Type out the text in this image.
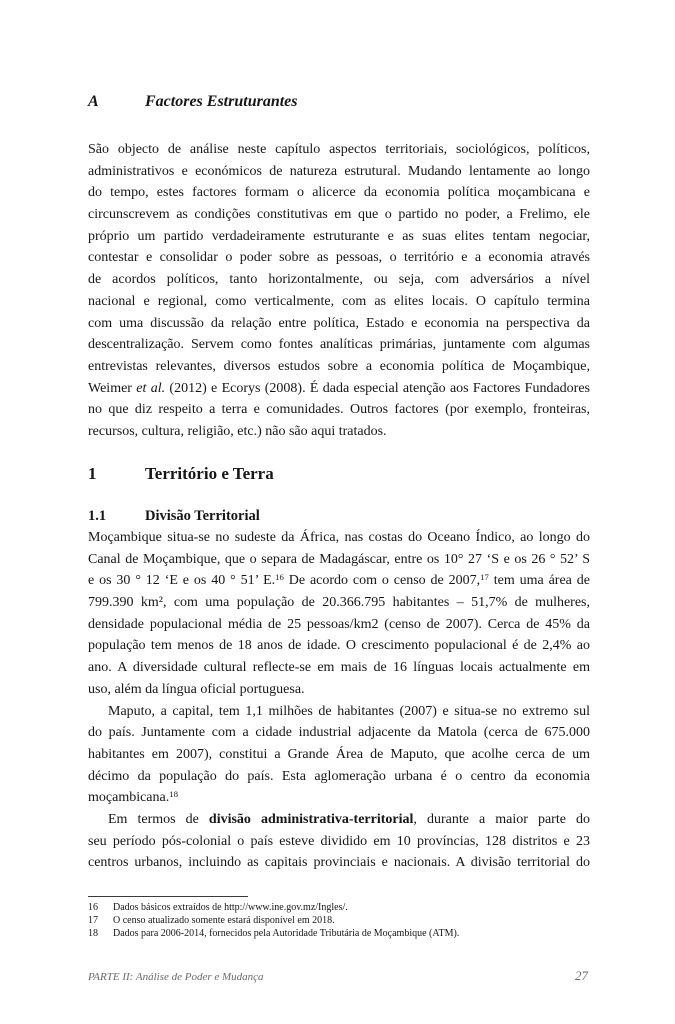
A	Factores Estruturantes
São objecto de análise neste capítulo aspectos territoriais, sociológicos, políticos,
administrativos e económicos de natureza estrutural. Mudando lentamente ao longo
do tempo, estes factores formam o alicerce da economia política moçambicana e
circunscrevem as condições constitutivas em que o partido no poder, a Frelimo, ele
próprio um partido verdadeiramente estruturante e as suas elites tentam negociar,
contestar e consolidar o poder sobre as pessoas, o território e a economia através
de acordos políticos, tanto horizontalmente, ou seja, com adversários a nível
nacional e regional, como verticalmente, com as elites locais. O capítulo termina
com uma discussão da relação entre política, Estado e economia na perspectiva da
descentralização. Servem como fontes analíticas primárias, juntamente com algumas
entrevistas relevantes, diversos estudos sobre a economia política de Moçambique,
Weimer et al. (2012) e Ecorys (2008). É dada especial atenção aos Factores Fundadores
no que diz respeito a terra e comunidades. Outros factores (por exemplo, fronteiras,
recursos, cultura, religião, etc.) não são aqui tratados.
1	Território e Terra
1.1	Divisão Territorial
Moçambique situa-se no sudeste da África, nas costas do Oceano Índico, ao longo do
Canal de Moçambique, que o separa de Madagáscar, entre os 10° 27 ‘S e os 26 ° 52’ S
e os 30 ° 12 ‘E e os 40 ° 51’ E.$^{16}$ De acordo com o censo de 2007,17 tem uma área de
799.390 km², com uma população de 20.366.795 habitantes – 51,7% de mulheres,
densidade populacional média de 25 pessoas/km2 (censo de 2007). Cerca de 45% da
população tem menos de 18 anos de idade. O crescimento populacional é de 2,4% ao
ano. A diversidade cultural reflecte-se em mais de 16 línguas locais actualmente em
uso, além da língua oficial portuguesa.
Maputo, a capital, tem 1,1 milhões de habitantes (2007) e situa-se no extremo sul
do país. Juntamente com a cidade industrial adjacente da Matola (cerca de 675.000
habitantes em 2007), constitui a Grande Área de Maputo, que acolhe cerca de um
décimo da população do país. Esta aglomeração urbana é o centro da economia
moçambicana.$^{18}$
Em termos de divisão administrativa-territorial, durante a maior parte do
seu período pós-colonial o país esteve dividido em 10 províncias, 128 distritos e 23
centros urbanos, incluindo as capitais provinciais e nacionais. A divisão territorial do
16 Dados básicos extraídos de http://www.ine.gov.mz/Ingles/.
17 O censo atualizado somente estará disponível em 2018.
18 Dados para 2006-2014, fornecidos pela Autoridade Tributária de Moçambique (ATM).
PARTE II: Análise de Poder e Mudança	27
